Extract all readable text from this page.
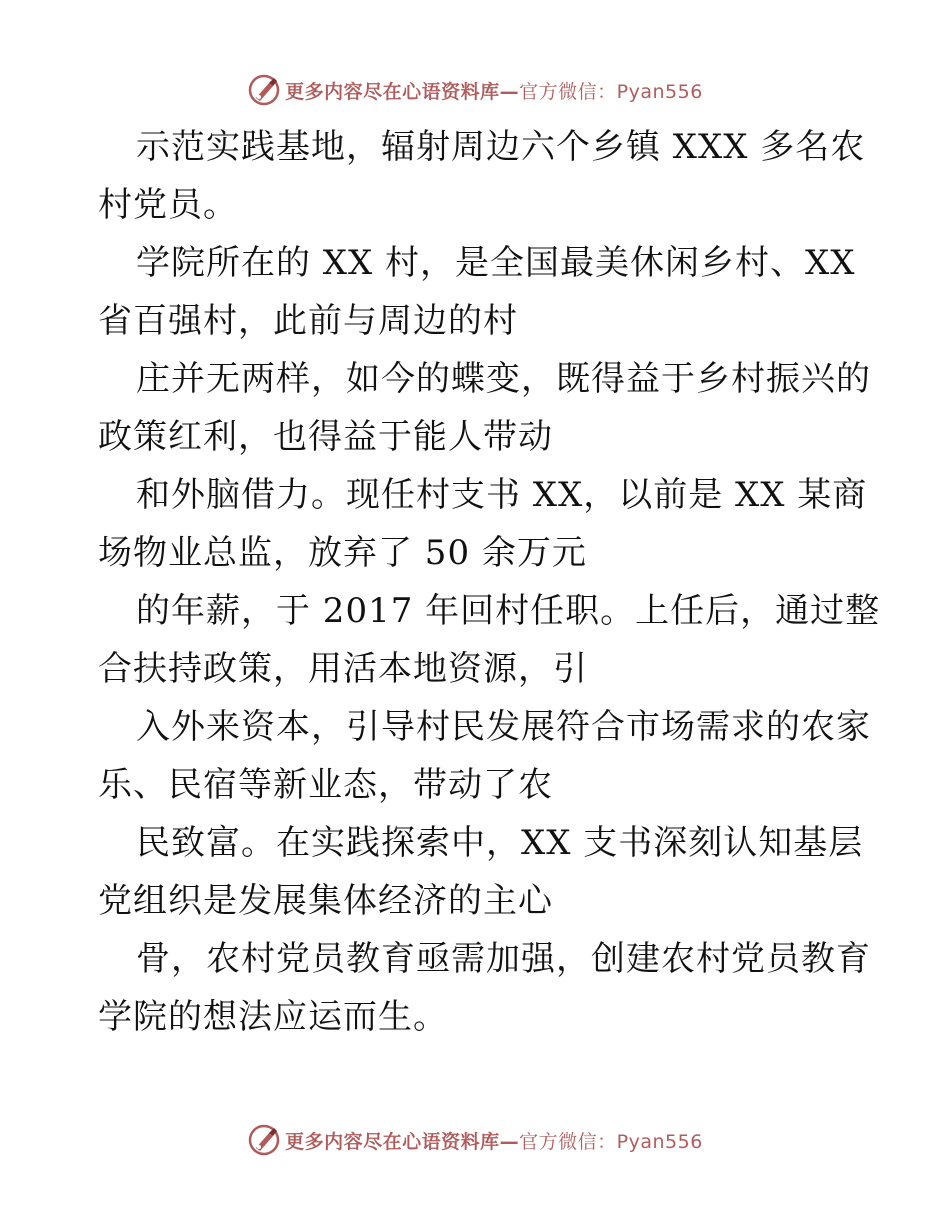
更多内容尽在心语资料库—官方微信：Pyan556

示范实践基地，辐射周边六个乡镇 XXX 多名农
村党员。

学院所在的 XX 村，是全国最美休闲乡村、XX
省百强村，此前与周边的村

庄并无两样，如今的蝶变，既得益于乡村振兴的
政策红利，也得益于能人带动

和外脑借力。现任村支书 XX，以前是 XX 某商
场物业总监，放弃了 50 余万元

的年薪，于 2017 年回村任职。上任后，通过整
合扶持政策，用活本地资源，引

入外来资本，引导村民发展符合市场需求的农家
乐、民宿等新业态，带动了农

民致富。在实践探索中，XX 支书深刻认知基层
党组织是发展集体经济的主心

骨，农村党员教育亟需加强，创建农村党员教育
学院的想法应运而生。

更多内容尽在心语资料库—官方微信：Pyan556
